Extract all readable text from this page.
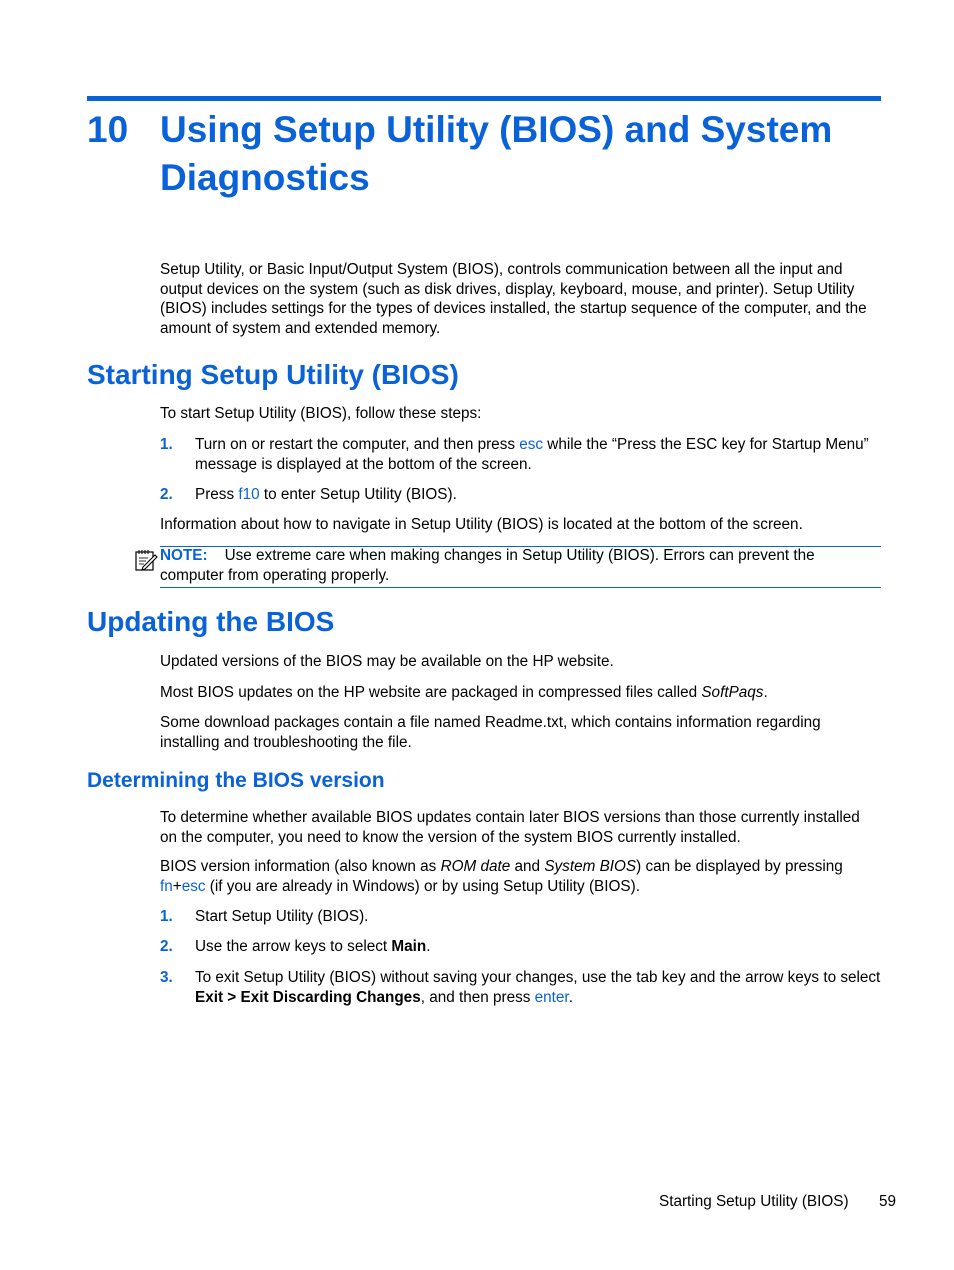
10 Using Setup Utility (BIOS) and System Diagnostics
Setup Utility, or Basic Input/Output System (BIOS), controls communication between all the input and output devices on the system (such as disk drives, display, keyboard, mouse, and printer). Setup Utility (BIOS) includes settings for the types of devices installed, the startup sequence of the computer, and the amount of system and extended memory.
Starting Setup Utility (BIOS)
To start Setup Utility (BIOS), follow these steps:
1. Turn on or restart the computer, and then press esc while the “Press the ESC key for Startup Menu” message is displayed at the bottom of the screen.
2. Press f10 to enter Setup Utility (BIOS).
Information about how to navigate in Setup Utility (BIOS) is located at the bottom of the screen.
NOTE: Use extreme care when making changes in Setup Utility (BIOS). Errors can prevent the computer from operating properly.
Updating the BIOS
Updated versions of the BIOS may be available on the HP website.
Most BIOS updates on the HP website are packaged in compressed files called SoftPaqs.
Some download packages contain a file named Readme.txt, which contains information regarding installing and troubleshooting the file.
Determining the BIOS version
To determine whether available BIOS updates contain later BIOS versions than those currently installed on the computer, you need to know the version of the system BIOS currently installed.
BIOS version information (also known as ROM date and System BIOS) can be displayed by pressing fn+esc (if you are already in Windows) or by using Setup Utility (BIOS).
1. Start Setup Utility (BIOS).
2. Use the arrow keys to select Main.
3. To exit Setup Utility (BIOS) without saving your changes, use the tab key and the arrow keys to select Exit > Exit Discarding Changes, and then press enter.
Starting Setup Utility (BIOS) 59
